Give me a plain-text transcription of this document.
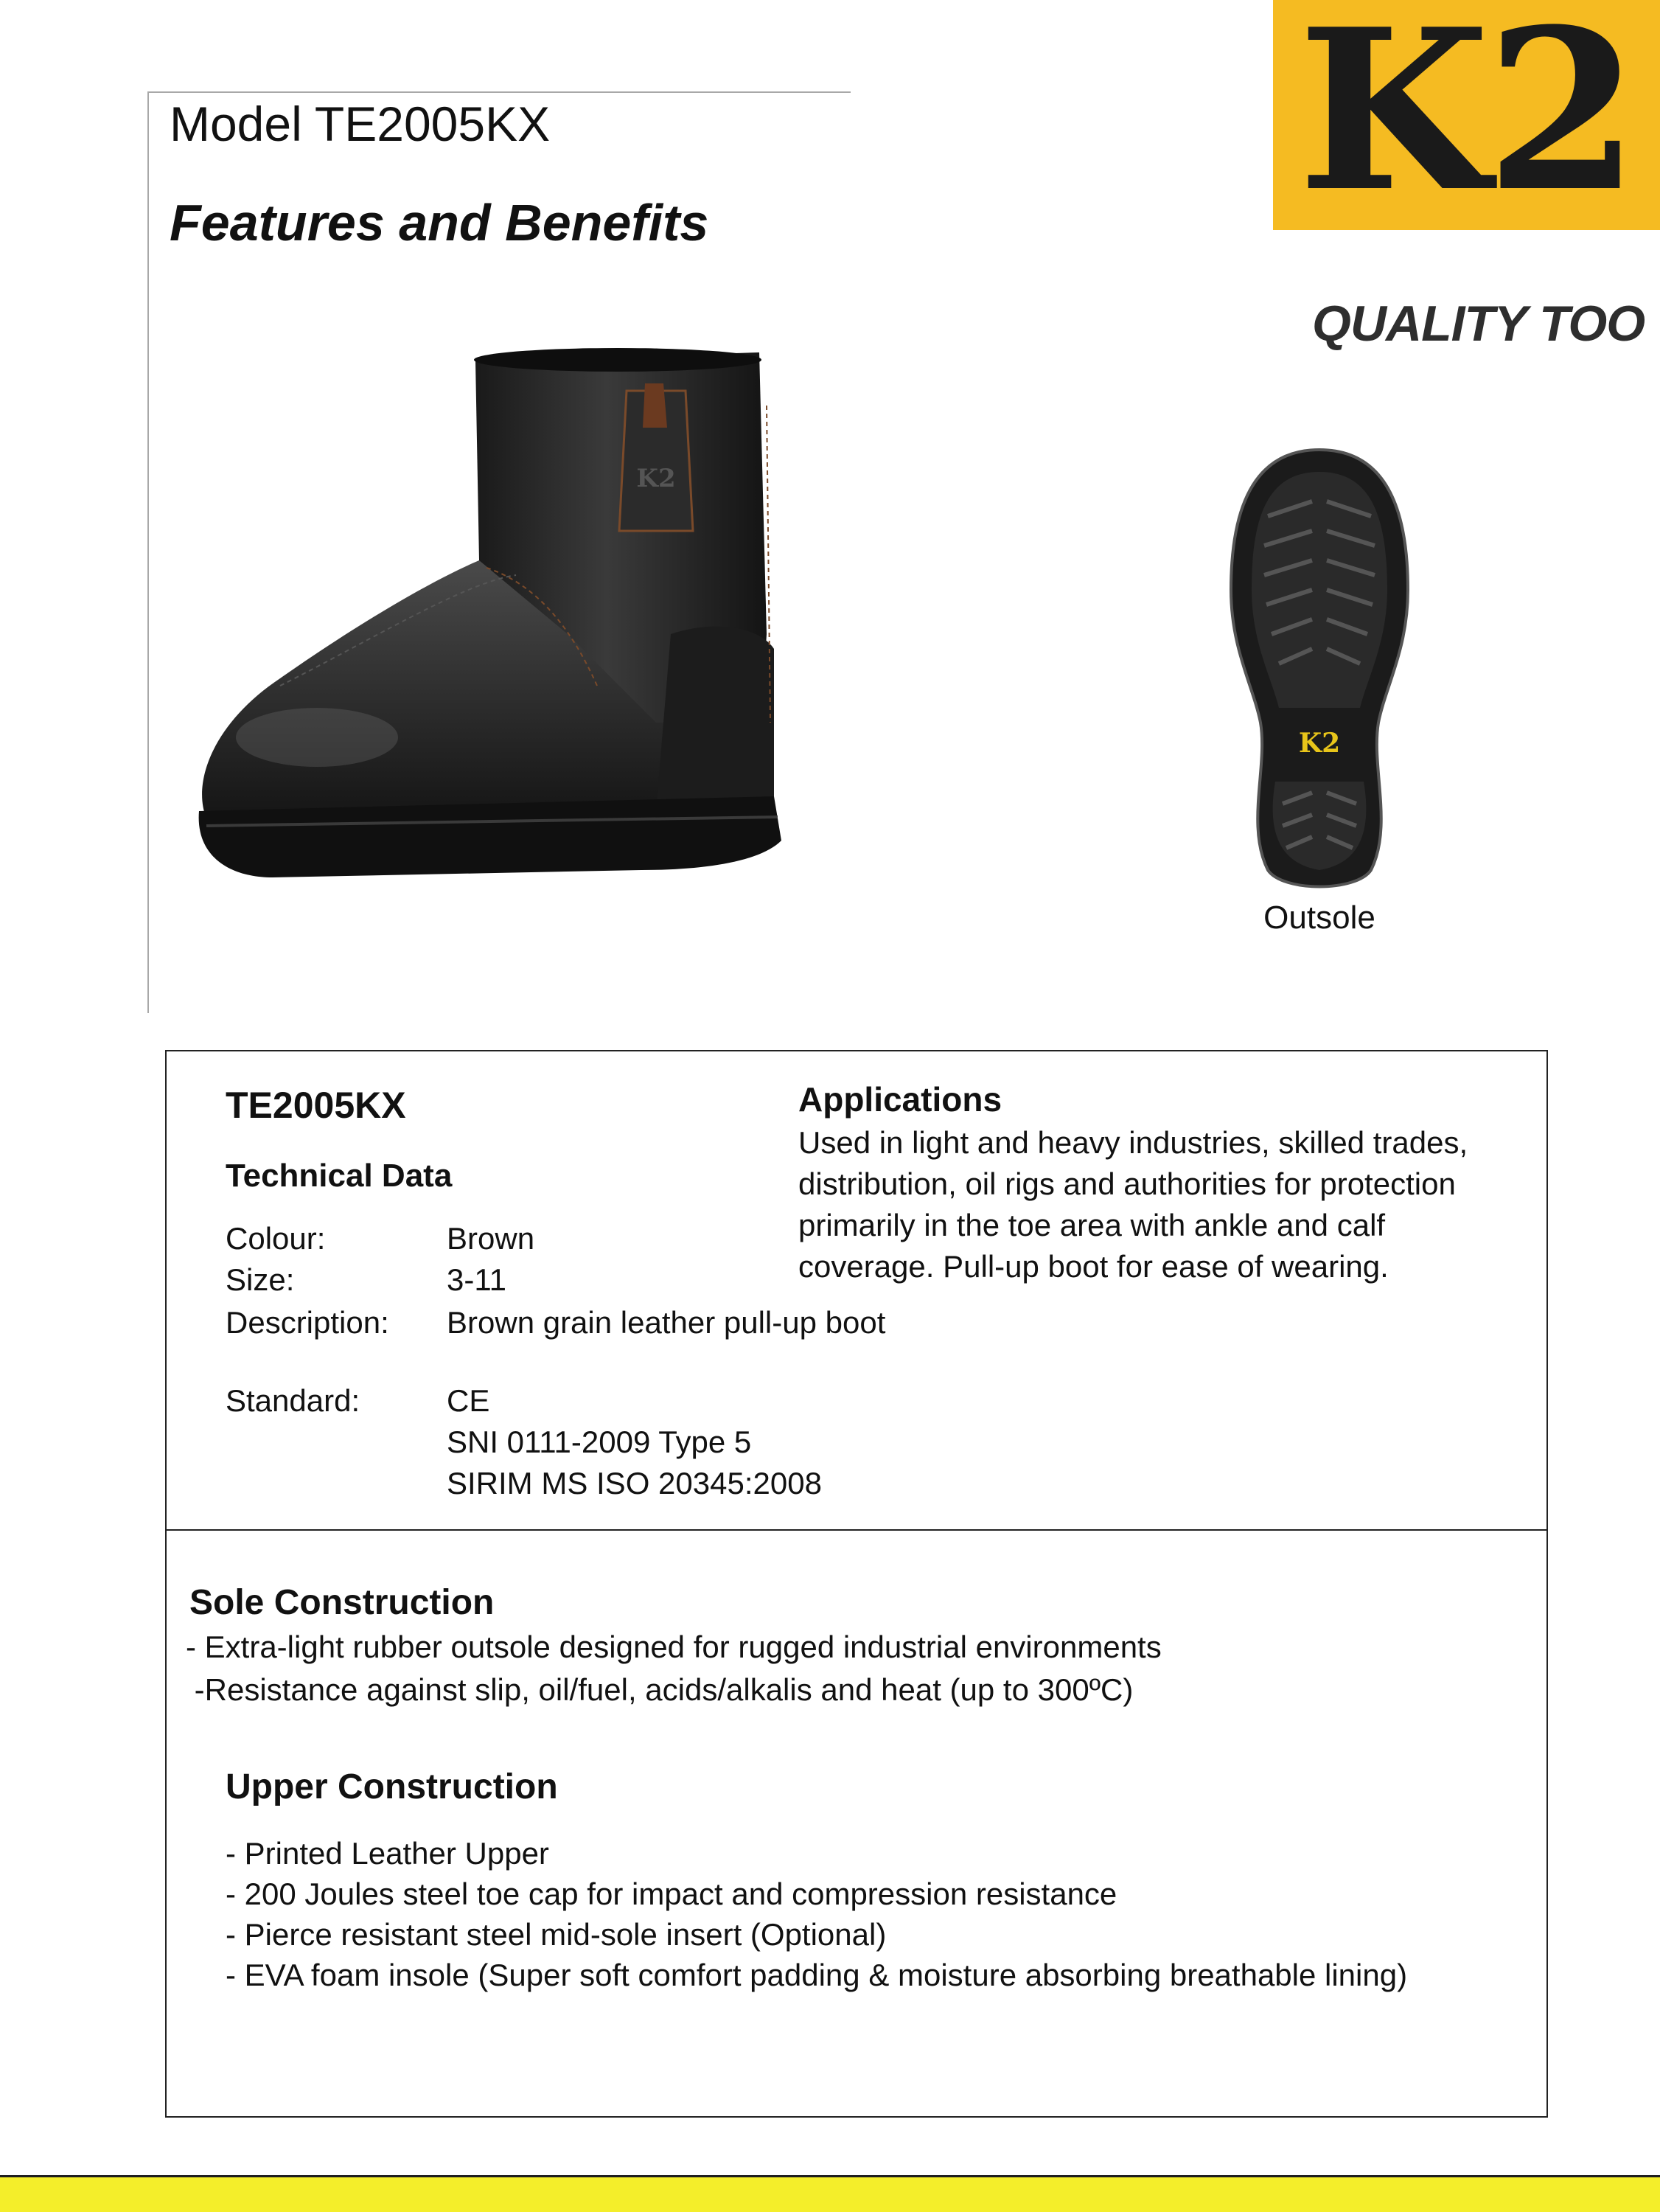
Model TE2005KX
Features and Benefits	K2
QUALITY TOO
K2
K2
Outsole
TE2005KX
Technical Data
Colour:	Brown
Size:	3-11
Description: Brown grain leather pull-up boot
Standard:	CE
SNI 0111-2009 Type 5
SIRIM MS ISO 20345:2008
Applications
Used in light and heavy industries, skilled trades,
distribution, oil rigs and authorities for protection
primarily in the toe area with ankle and calf
coverage. Pull-up boot for ease of wearing.
Sole Construction
- Extra-light rubber outsole designed for rugged industrial environments
-Resistance against slip, oil/fuel, acids/alkalis and heat (up to 300ºC)
Upper Construction
- Printed Leather Upper
- 200 Joules steel toe cap for impact and compression resistance
- Pierce resistant steel mid-sole insert (Optional)
- EVA foam insole (Super soft comfort padding & moisture absorbing breathable lining)
